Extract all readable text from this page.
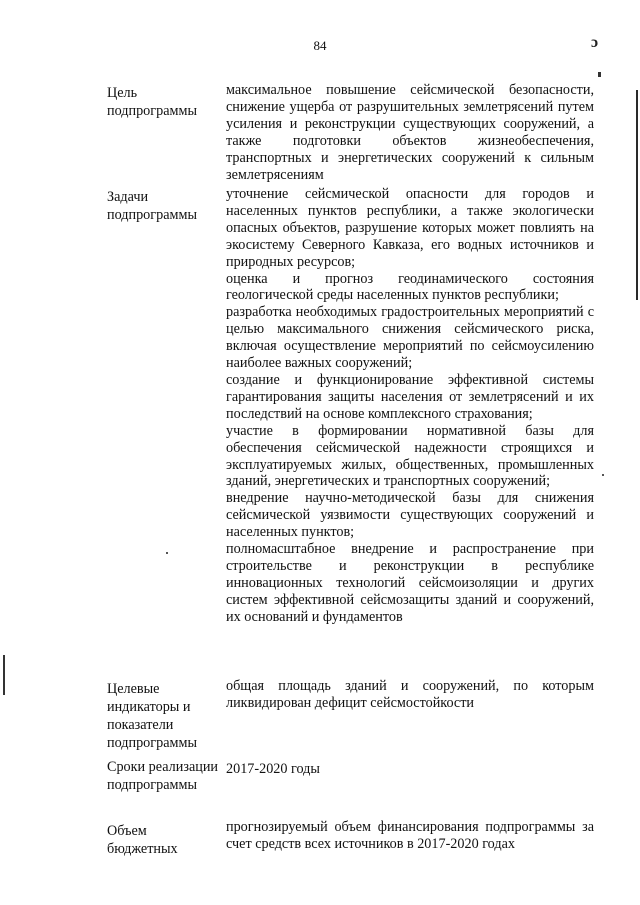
84	ɔ
Цель подпрограммы

максимальное повышение сейсмической безопасности, снижение ущерба от разрушительных землетрясений путем усиления и реконструкции существующих сооружений, а также подготовки объектов жизнеобеспечения, транспортных и энергетических сооружений к сильным землетрясениям

Задачи подпрограммы

уточнение сейсмической опасности для городов и населенных пунктов республики, а также экологически опасных объектов, разрушение которых может повлиять на экосистему Северного Кавказа, его водных источников и природных ресурсов;

оценка и прогноз геодинамического состояния геологической среды населенных пунктов республики;

разработка необходимых градостроительных мероприятий с целью максимального снижения сейсмического риска, включая осуществление мероприятий по сейсмоусилению наиболее важных сооружений;

создание и функционирование эффективной системы гарантирования защиты населения от землетрясений и их последствий на основе комплексного страхования;

участие в формировании нормативной базы для обеспечения сейсмической надежности строящихся и эксплуатируемых жилых, общественных, промышленных зданий, энергетических и транспортных сооружений;

внедрение научно-методической базы для снижения сейсмической уязвимости существующих сооружений и населенных пунктов;

полномасштабное внедрение и распространение при строительстве и реконструкции в республике инновационных технологий сейсмоизоляции и других систем эффективной сейсмозащиты зданий и сооружений, их оснований и фундаментов

Целевые индикаторы и показатели подпрограммы

общая площадь зданий и сооружений, по которым ликвидирован дефицит сейсмостойкости

Сроки реализации подпрограммы

2017-2020 годы

Объем бюджетных

прогнозируемый объем финансирования подпрограммы за счет средств всех источников в 2017-2020 годах
